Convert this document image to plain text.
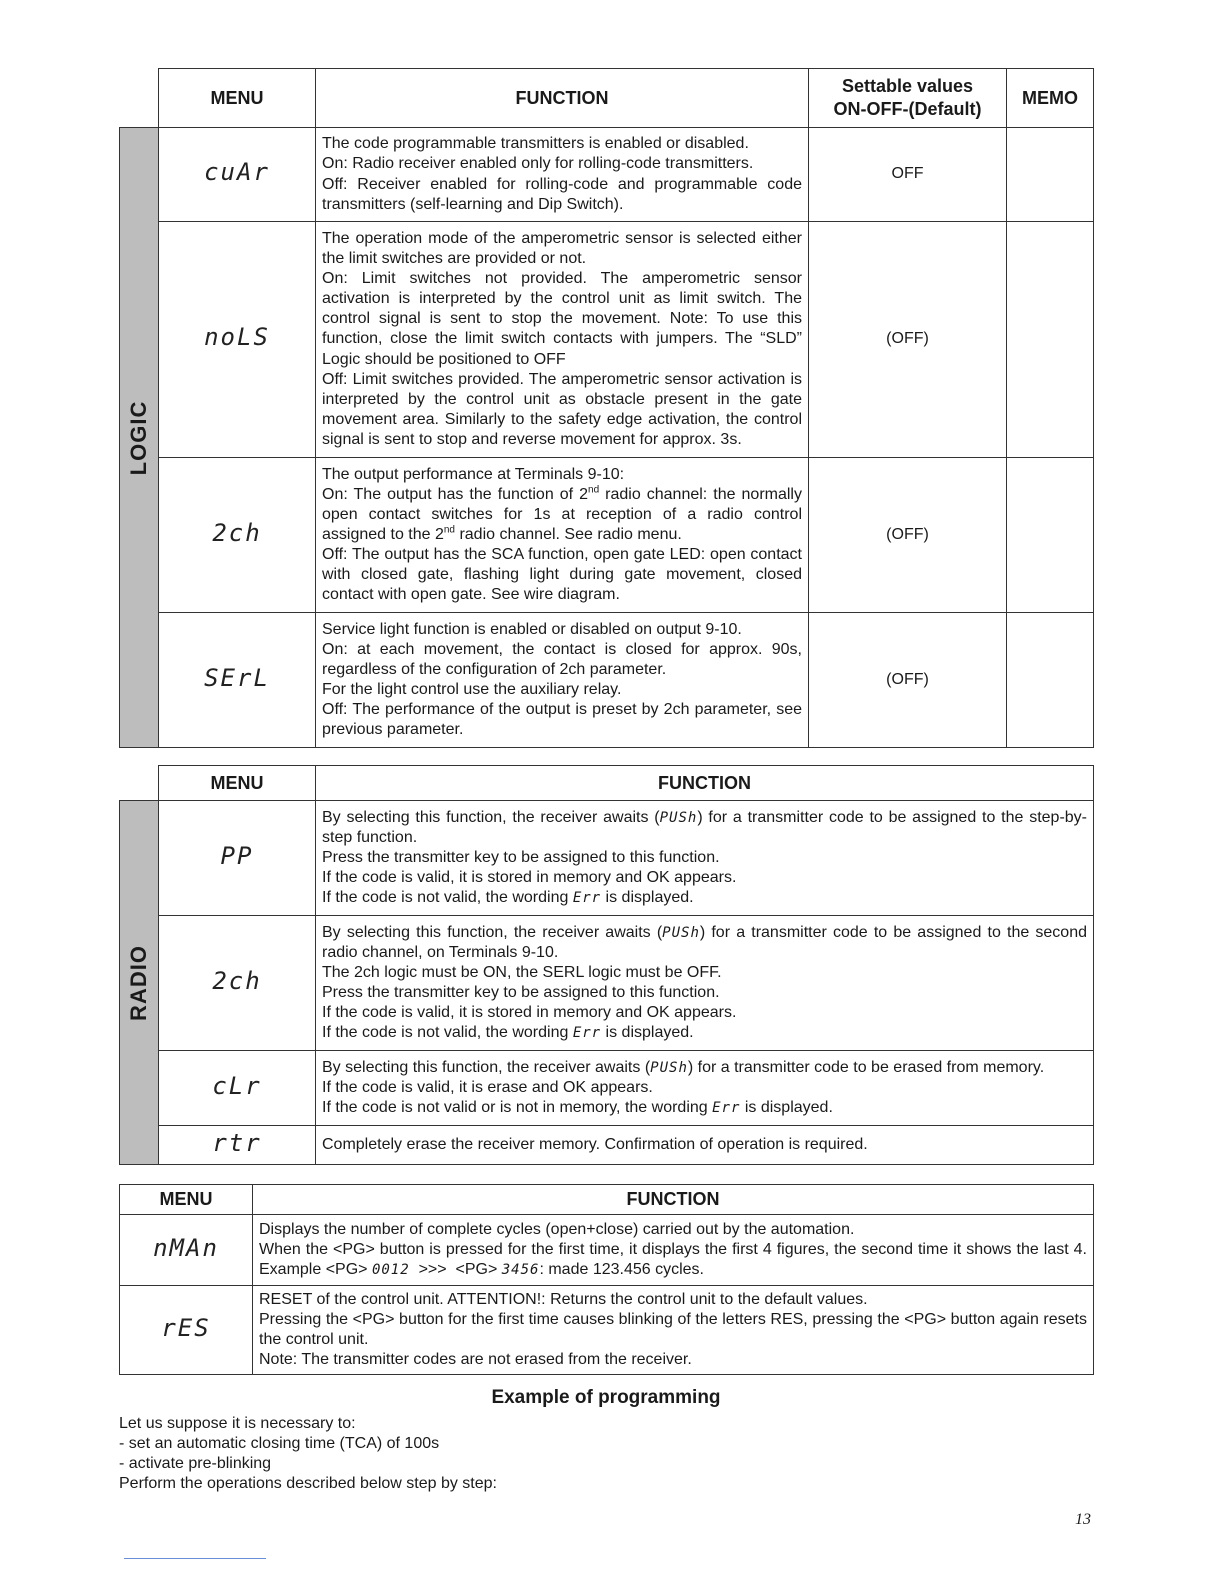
	MENU	FUNCTION	Settable values
ON-OFF-(Default)	MEMO

LOGIC	cuAr	The code programmable transmitters is enabled or disabled.
On: Radio receiver enabled only for rolling-code transmitters.
Off: Receiver enabled for rolling-code and programmable code transmitters (self-learning and Dip Switch).	OFF	
	noLS	The operation mode of the amperometric sensor is selected either the limit switches are provided or not.
On: Limit switches not provided. The amperometric sensor activation is interpreted by the control unit as limit switch. The control signal is sent to stop the movement. Note: To use this function, close the limit switch contacts with jumpers. The “SLD” Logic should be positioned to OFF
Off: Limit switches provided. The amperometric sensor activation is interpreted by the control unit as obstacle present in the gate movement area. Similarly to the safety edge activation, the control signal is sent to stop and reverse movement for approx. 3s.	(OFF)	
	2ch	The output performance at Terminals 9-10:
On: The output has the function of 2nd radio channel: the normally open contact switches for 1s at reception of a radio control assigned to the 2nd radio channel. See radio menu.
Off: The output has the SCA function, open gate LED: open contact with closed gate, flashing light during gate movement, closed contact with open gate. See wire diagram.	(OFF)	
	SErL	Service light function is enabled or disabled on output 9-10.
On: at each movement, the contact is closed for approx. 90s, regardless of the configuration of 2ch parameter.
For the light control use the auxiliary relay.
Off: The performance of the output is preset by 2ch parameter, see previous parameter.	(OFF)	
	MENU	FUNCTION

RADIO	PP	By selecting this function, the receiver awaits (PUSh) for a transmitter code to be assigned to the step-by-step function.
Press the transmitter key to be assigned to this function.
If the code is valid, it is stored in memory and OK appears.
If the code is not valid, the wording Err is displayed.

	2ch	By selecting this function, the receiver awaits (PUSh) for a transmitter code to be assigned to the second radio channel, on Terminals 9-10.
The 2ch logic must be ON, the SERL logic must be OFF.
Press the transmitter key to be assigned to this function.
If the code is valid, it is stored in memory and OK appears.
If the code is not valid, the wording Err is displayed.

	cLr	By selecting this function, the receiver awaits (PUSh) for a transmitter code to be erased from memory.
If the code is valid, it is erase and OK appears.
If the code is not valid or is not in memory, the wording Err is displayed.

	rtr	Completely erase the receiver memory. Confirmation of operation is required.
MENU	FUNCTION
nMAn	Displays the number of complete cycles (open+close) carried out by the automation.
When the <PG> button is pressed for the first time, it displays the first 4 figures, the second time it shows the last 4. Example <PG> 0012  >>>  <PG> 3456: made 123.456 cycles.

rES	RESET of the control unit. ATTENTION!: Returns the control unit to the default values.
Pressing the <PG> button for the first time causes blinking of the letters RES, pressing the <PG> button again resets the control unit.
Note: The transmitter codes are not erased from the receiver.
Example of programming
Let us suppose it is necessary to:
- set an automatic closing time (TCA) of 100s
- activate pre-blinking
Perform the operations described below step by step:
13
